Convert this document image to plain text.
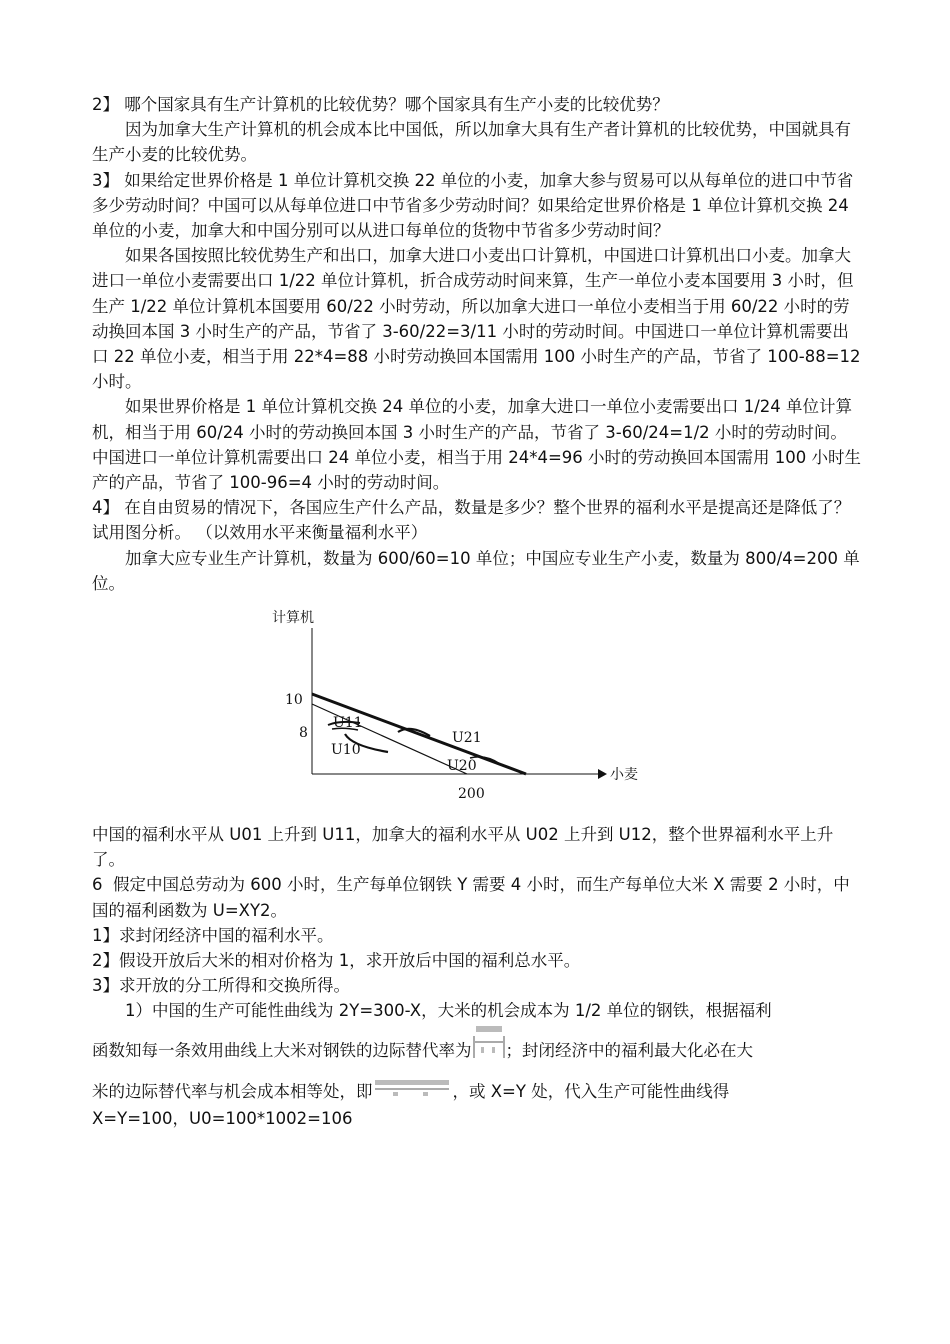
2】 哪个国家具有生产计算机的比较优势？哪个国家具有生产小麦的比较优势？

因为加拿大生产计算机的机会成本比中国低，所以加拿大具有生产者计算机的比较优势，中国就具有生产小麦的比较优势。

3】 如果给定世界价格是 1 单位计算机交换 22 单位的小麦，加拿大参与贸易可以从每单位的进口中节省多少劳动时间？中国可以从每单位进口中节省多少劳动时间？如果给定世界价格是 1 单位计算机交换 24 单位的小麦，加拿大和中国分别可以从进口每单位的货物中节省多少劳动时间？

如果各国按照比较优势生产和出口，加拿大进口小麦出口计算机，中国进口计算机出口小麦。加拿大进口一单位小麦需要出口 1/22 单位计算机，折合成劳动时间来算，生产一单位小麦本国要用 3 小时，但生产 1/22 单位计算机本国要用 60/22 小时劳动，所以加拿大进口一单位小麦相当于用 60/22 小时的劳动换回本国 3 小时生产的产品，节省了 3-60/22=3/11 小时的劳动时间。中国进口一单位计算机需要出口 22 单位小麦，相当于用 22*4=88 小时劳动换回本国需用 100 小时生产的产品，节省了 100-88=12 小时。

如果世界价格是 1 单位计算机交换 24 单位的小麦，加拿大进口一单位小麦需要出口 1/24 单位计算机，相当于用 60/24 小时的劳动换回本国 3 小时生产的产品，节省了 3-60/24=1/2 小时的劳动时间。中国进口一单位计算机需要出口 24 单位小麦，相当于用 24*4=96 小时的劳动换回本国需用 100 小时生产的产品，节省了 100-96=4 小时的劳动时间。

4】 在自由贸易的情况下，各国应生产什么产品，数量是多少？整个世界的福利水平是提高还是降低了？试用图分析。 （以效用水平来衡量福利水平）

加拿大应专业生产计算机，数量为 600/60=10 单位；中国应专业生产小麦，数量为 800/4=200 单位。

计算机
10
8
200
小麦
U11
U10
U21
U20

中国的福利水平从 U01 上升到 U11，加拿大的福利水平从 U02 上升到 U12，整个世界福利水平上升了。

6  假定中国总劳动为 600 小时，生产每单位钢铁 Y 需要 4 小时，而生产每单位大米 X 需要 2 小时，中国的福利函数为 U=XY2。

1】求封闭经济中国的福利水平。

2】假设开放后大米的相对价格为 1，求开放后中国的福利总水平。

3】求开放的分工所得和交换所得。

1）中国的生产可能性曲线为 2Y=300-X，大米的机会成本为 1/2 单位的钢铁，根据福利

函数知每一条效用曲线上大米对钢铁的边际替代率为 ；封闭经济中的福利最大化必在大

米的边际替代率与机会成本相等处，即	，或 X=Y 处，代入生产可能性曲线得

X=Y=100，U0=100*1002=106
